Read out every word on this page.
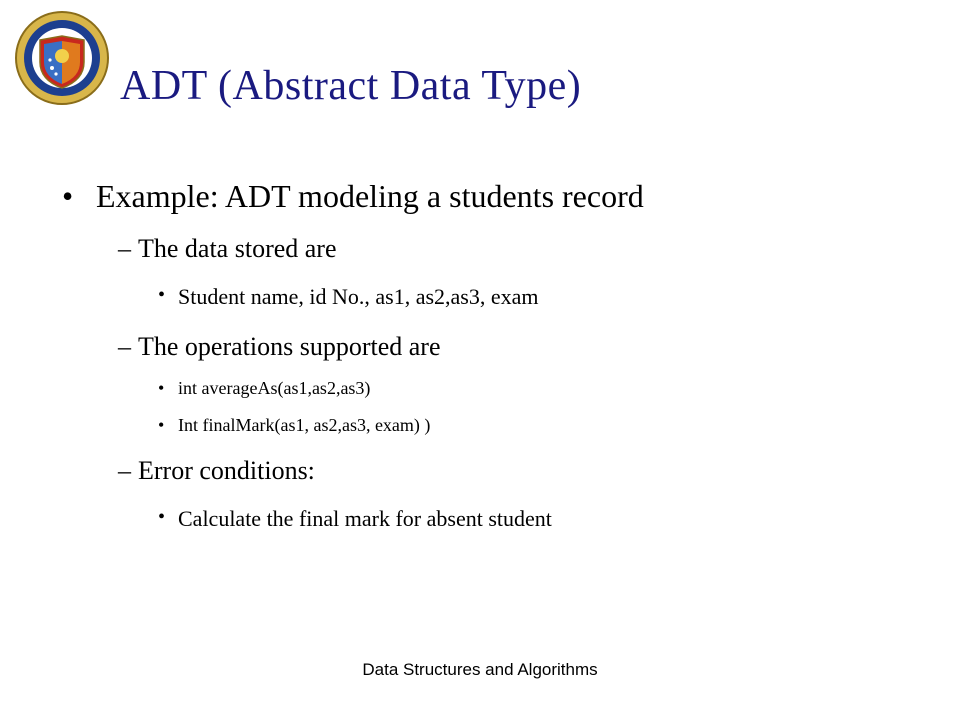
ADT (Abstract Data Type)
• Example: ADT modeling a students record
– The data stored are
• Student name, id No., as1, as2,as3, exam
– The operations supported are
• int averageAs(as1,as2,as3)
• Int finalMark(as1, as2,as3, exam) )
– Error conditions:
• Calculate the final mark for absent student
Data Structures and Algorithms
